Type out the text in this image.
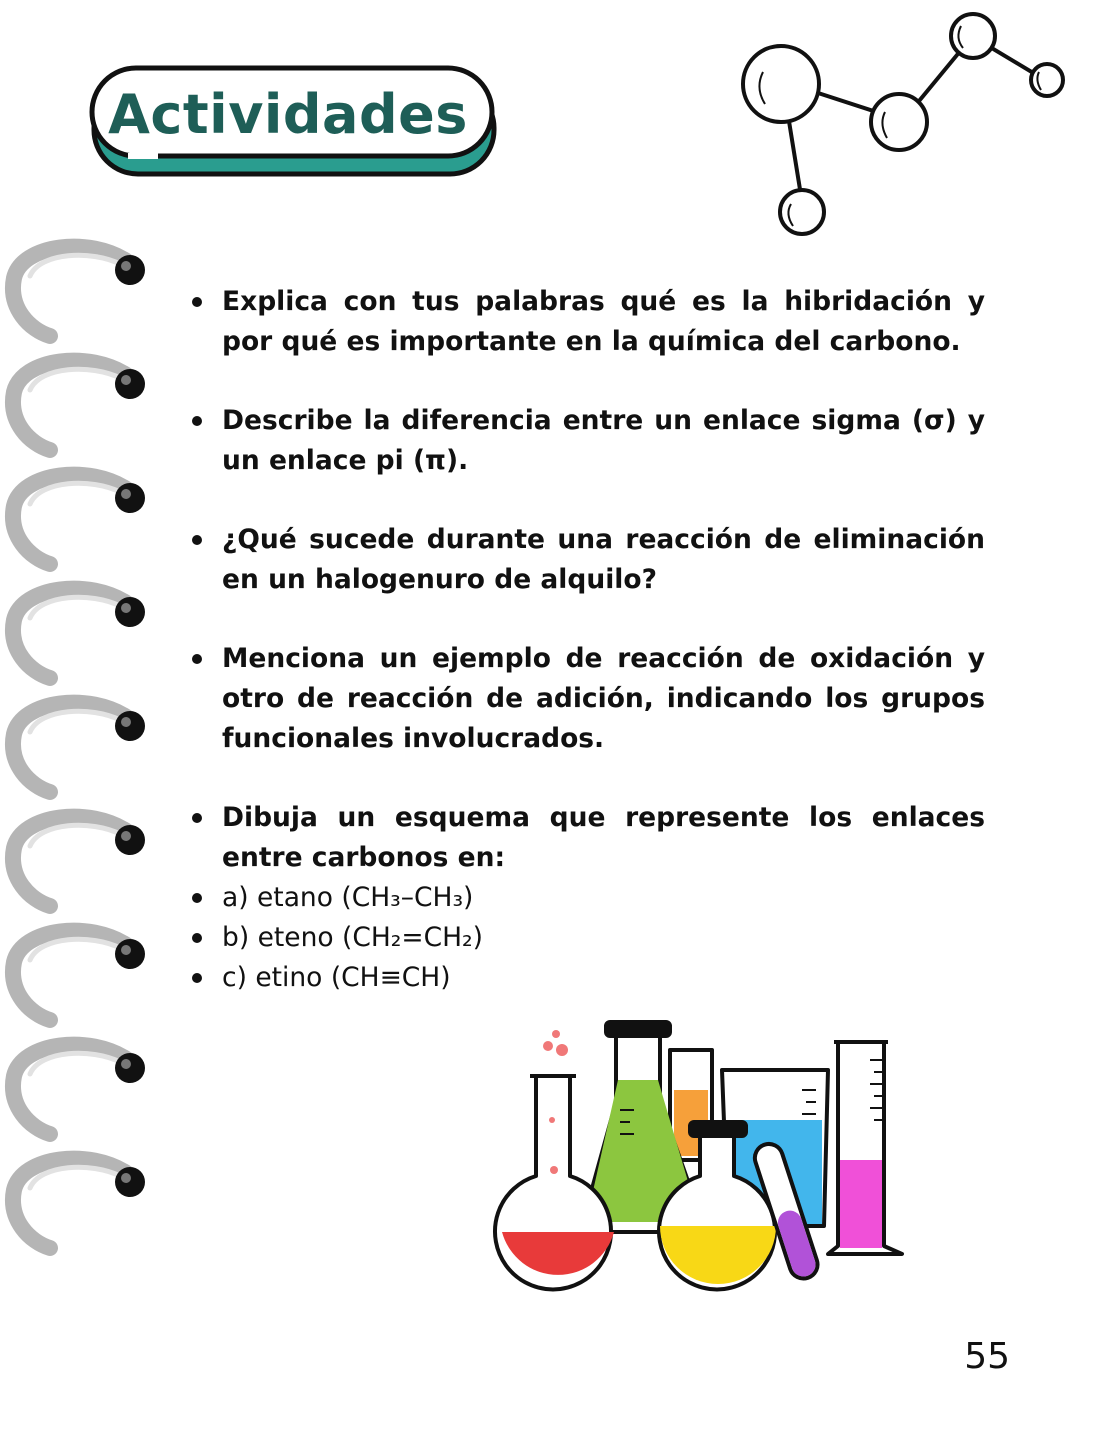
Actividades
Explica con tus palabras qué es la hibridación y por qué es importante en la química del carbono.
Describe la diferencia entre un enlace sigma (σ) y un enlace pi (π).
¿Qué sucede durante una reacción de eliminación en un halogenuro de alquilo?
Menciona un ejemplo de reacción de oxidación y otro de reacción de adición, indicando los grupos funcionales involucrados.
Dibuja un esquema que represente los enlaces entre carbonos en:
a) etano (CH₃–CH₃)
b) eteno (CH₂=CH₂)
c) etino (CH≡CH)
55
